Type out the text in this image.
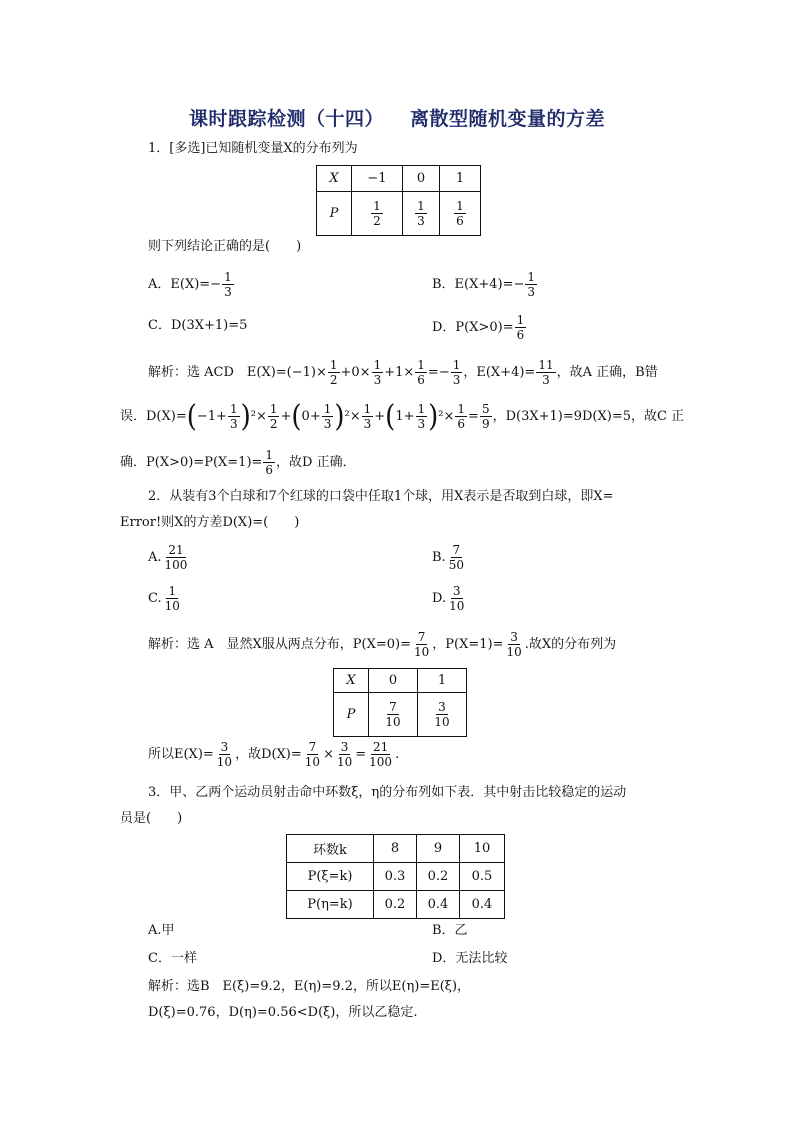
课时跟踪检测（十四） 离散型随机变量的方差
1．[多选]已知随机变量X的分布列为
X	−1	0	1
P	$\frac{1}{2}$	$\frac{1}{3}$	$\frac{1}{6}$
则下列结论正确的是(　　)
A．$E(X)=- \frac{1}{3}$	B．$E(X+4)=- \frac{1}{3}$
C．D(3X+1)=5	D．$P(X>0)= \frac{1}{6}$
解析：选 ACD　$E(X)=(-1)\times \frac{1}{2} +0\times \frac{1}{3} +1\times \frac{1}{6} =- \frac{1}{3}$ ，$E(X+4)= \frac{11}{3}$ ，故A 正确，B错
误．$D(X)=(-1+ \frac{1}{3} )^2\times \frac{1}{2} +(0+ \frac{1}{3} )^2\times \frac{1}{3} +(1+ \frac{1}{3} )^2\times \frac{1}{6} = \frac{5}{9}$ ，D(3X+1)=9D(X)=5，故C 正
确．$P(X>0)=P(X=1)= \frac{1}{6}$ ，故D 正确．
2．从装有3个白球和7个红球的口袋中任取1个球，用X表示是否取到白球，即X=
Error!则X的方差D(X)=(　　)
A. $\frac{21}{100}$	B. $\frac{7}{50}$
C. $\frac{1}{10}$	D. $\frac{3}{10}$
解析：选 A　显然X服从两点分布，$P(X=0)= \frac{7}{10}$ ，$P(X=1)= \frac{3}{10}$ .故X的分布列为
X	0	1
P	$\frac{7}{10}$	$\frac{3}{10}$
所以$E(X)= \frac{3}{10}$ ，故$D(X)= \frac{7}{10} \times \frac{3}{10} = \frac{21}{100}$ .
3．甲、乙两个运动员射击命中环数ξ，η的分布列如下表．其中射击比较稳定的运动
员是(　　)
环数k	8	9	10
P(ξ=k)	0.3	0.2	0.5
P(η=k)	0.2	0.4	0.4
A.甲	B．乙
C．一样	D．无法比较
解析：选B　E(ξ)=9.2，E(η)=9.2，所以E(η)=E(ξ)，
D(ξ)=0.76，D(η)=0.56<D(ξ)，所以乙稳定.
